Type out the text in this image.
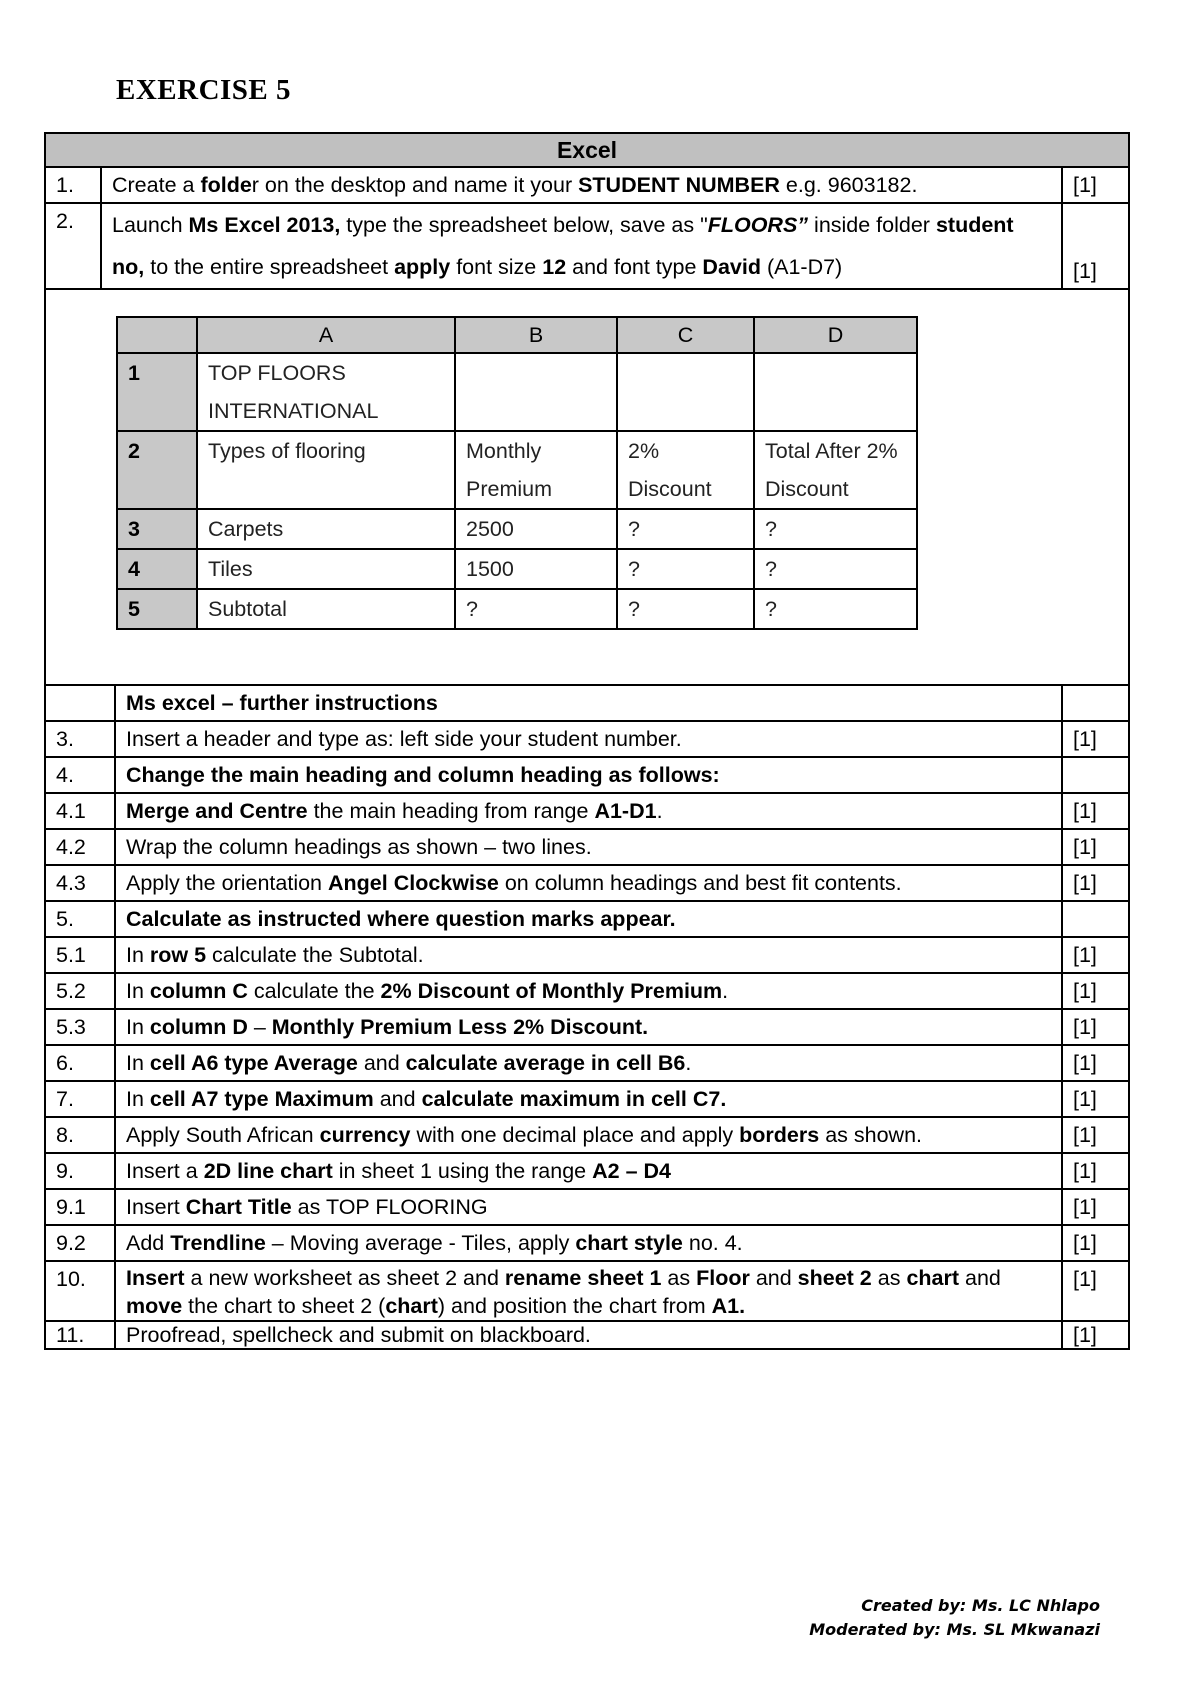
EXERCISE 5
Excel
1.	Create a folder on the desktop and name it your STUDENT NUMBER e.g. 9603182.	[1]
2.	Launch Ms Excel 2013, type the spreadsheet below, save as "FLOORS” inside folder student no, to the entire spreadsheet apply font size 12 and font type David (A1-D7)	[1]

	A	B	C	D
1	TOP FLOORS INTERNATIONAL			
2	Types of flooring	Monthly Premium	2% Discount	Total After 2% Discount
3	Carpets	2500	?	?
4	Tiles	1500	?	?
5	Subtotal	?	?	?

	Ms excel – further instructions	
3.	Insert a header and type as: left side your student number.	[1]
4.	Change the main heading and column heading as follows:	
4.1	Merge and Centre the main heading from range A1-D1.	[1]
4.2	Wrap the column headings as shown – two lines.	[1]
4.3	Apply the orientation Angel Clockwise on column headings and best fit contents.	[1]
5.	Calculate as instructed where question marks appear.	
5.1	In row 5 calculate the Subtotal.	[1]
5.2	In column C calculate the 2% Discount of Monthly Premium.	[1]
5.3	In column D – Monthly Premium Less 2% Discount.	[1]
6.	In cell A6 type Average and calculate average in cell B6.	[1]
7.	In cell A7 type Maximum and calculate maximum in cell C7.	[1]
8.	Apply South African currency with one decimal place and apply borders as shown.	[1]
9.	Insert a 2D line chart in sheet 1 using the range A2 – D4	[1]
9.1	Insert Chart Title as TOP FLOORING	[1]
9.2	Add Trendline – Moving average - Tiles, apply chart style no. 4.	[1]
10.	Insert a new worksheet as sheet 2 and rename sheet 1 as Floor and sheet 2 as chart and move the chart to sheet 2 (chart) and position the chart from A1.	[1]
11.	Proofread, spellcheck and submit on blackboard.	[1]
Created by: Ms. LC Nhlapo
Moderated by: Ms. SL Mkwanazi
